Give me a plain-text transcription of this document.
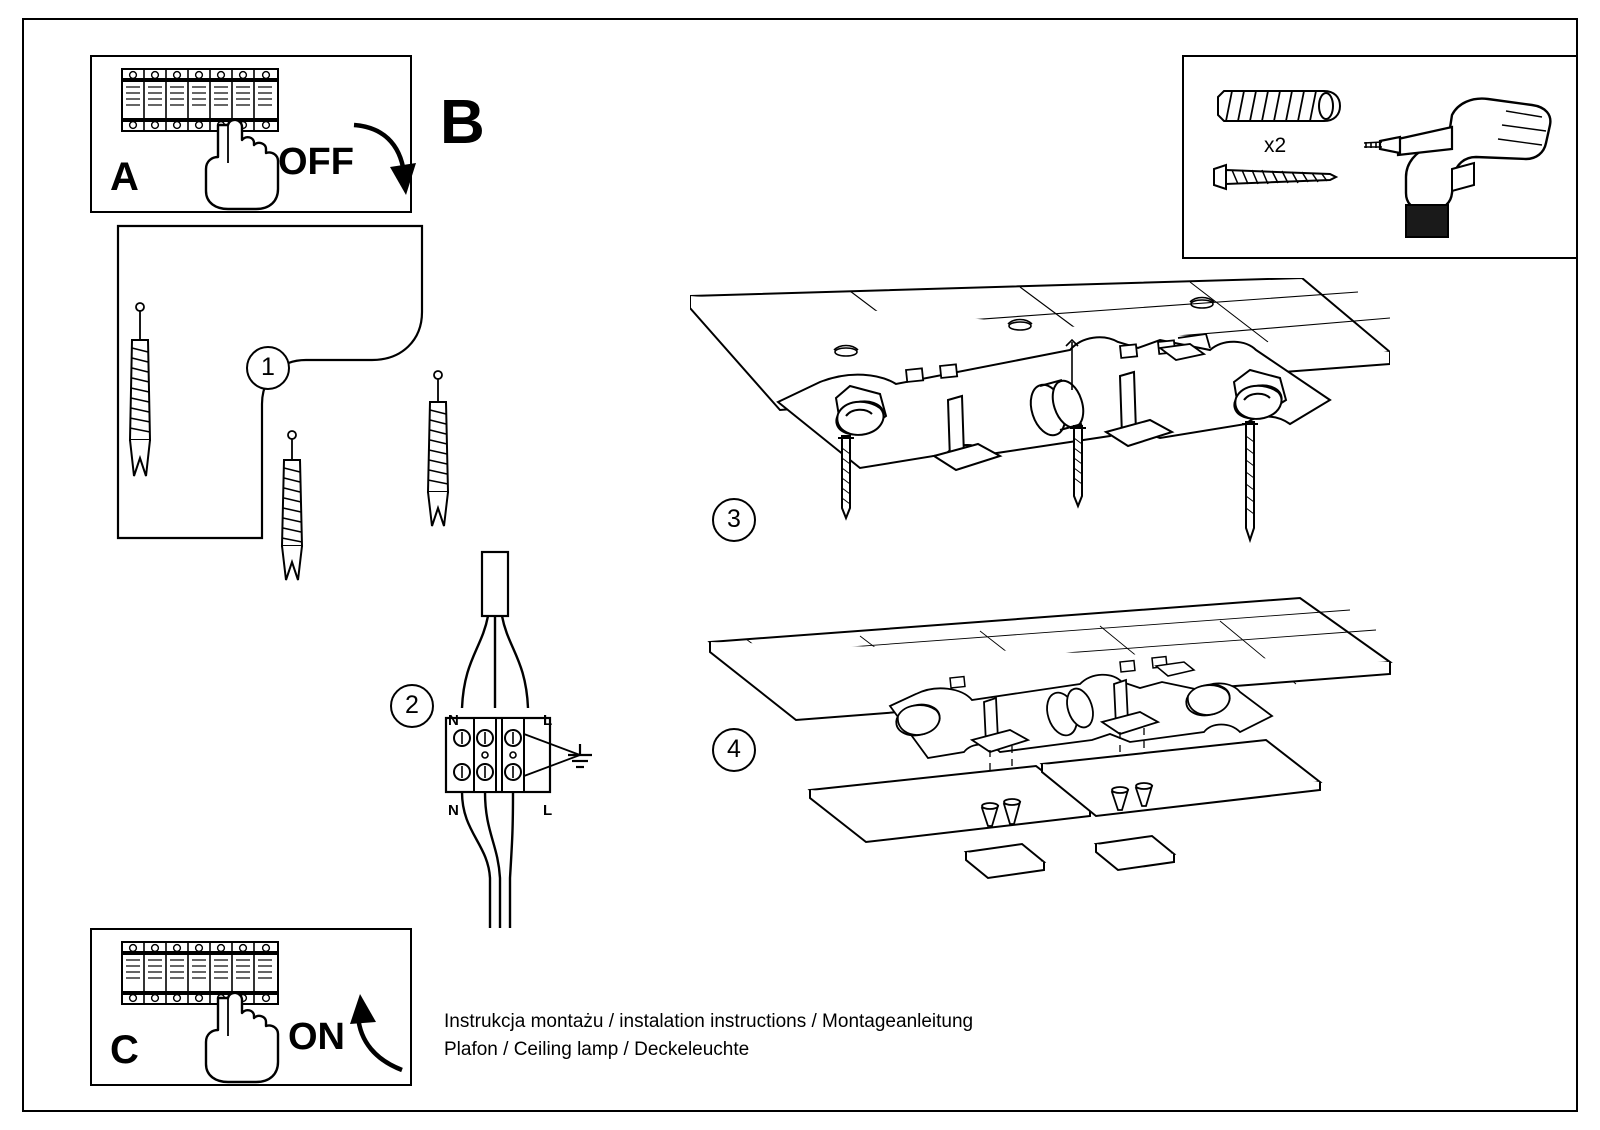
A	OFF
B	x2
1
N	L
N	L
2
3
4
C	ON	Instrukcja montażu / instalation instructions / Montageanleitung
Plafon / Ceiling lamp / Deckeleuchte
